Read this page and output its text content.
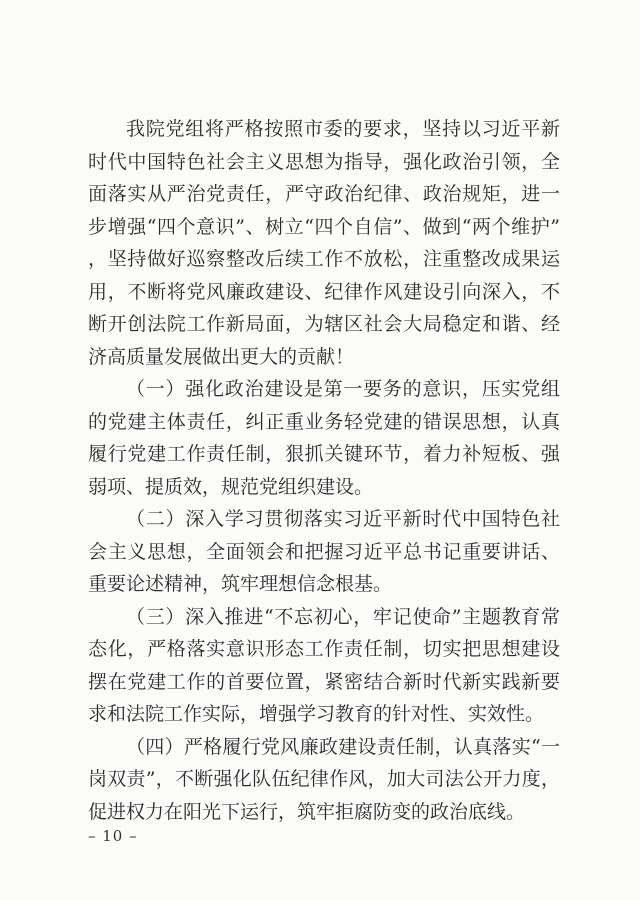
我院党组将严格按照市委的要求，坚持以习近平新时代中国特色社会主义思想为指导，强化政治引领，全面落实从严治党责任，严守政治纪律、政治规矩，进一步增强“四个意识”、树立“四个自信”、做到“两个维护”，坚持做好巡察整改后续工作不放松，注重整改成果运用，不断将党风廉政建设、纪律作风建设引向深入，不断开创法院工作新局面，为辖区社会大局稳定和谐、经济高质量发展做出更大的贡献！

（一）强化政治建设是第一要务的意识，压实党组的党建主体责任，纠正重业务轻党建的错误思想，认真履行党建工作责任制，狠抓关键环节，着力补短板、强弱项、提质效，规范党组织建设。

（二）深入学习贯彻落实习近平新时代中国特色社会主义思想，全面领会和把握习近平总书记重要讲话、重要论述精神，筑牢理想信念根基。

（三）深入推进“不忘初心，牢记使命”主题教育常态化，严格落实意识形态工作责任制，切实把思想建设摆在党建工作的首要位置，紧密结合新时代新实践新要求和法院工作实际，增强学习教育的针对性、实效性。

（四）严格履行党风廉政建设责任制，认真落实“一岗双责”，不断强化队伍纪律作风，加大司法公开力度，促进权力在阳光下运行，筑牢拒腐防变的政治底线。

– 10 –
